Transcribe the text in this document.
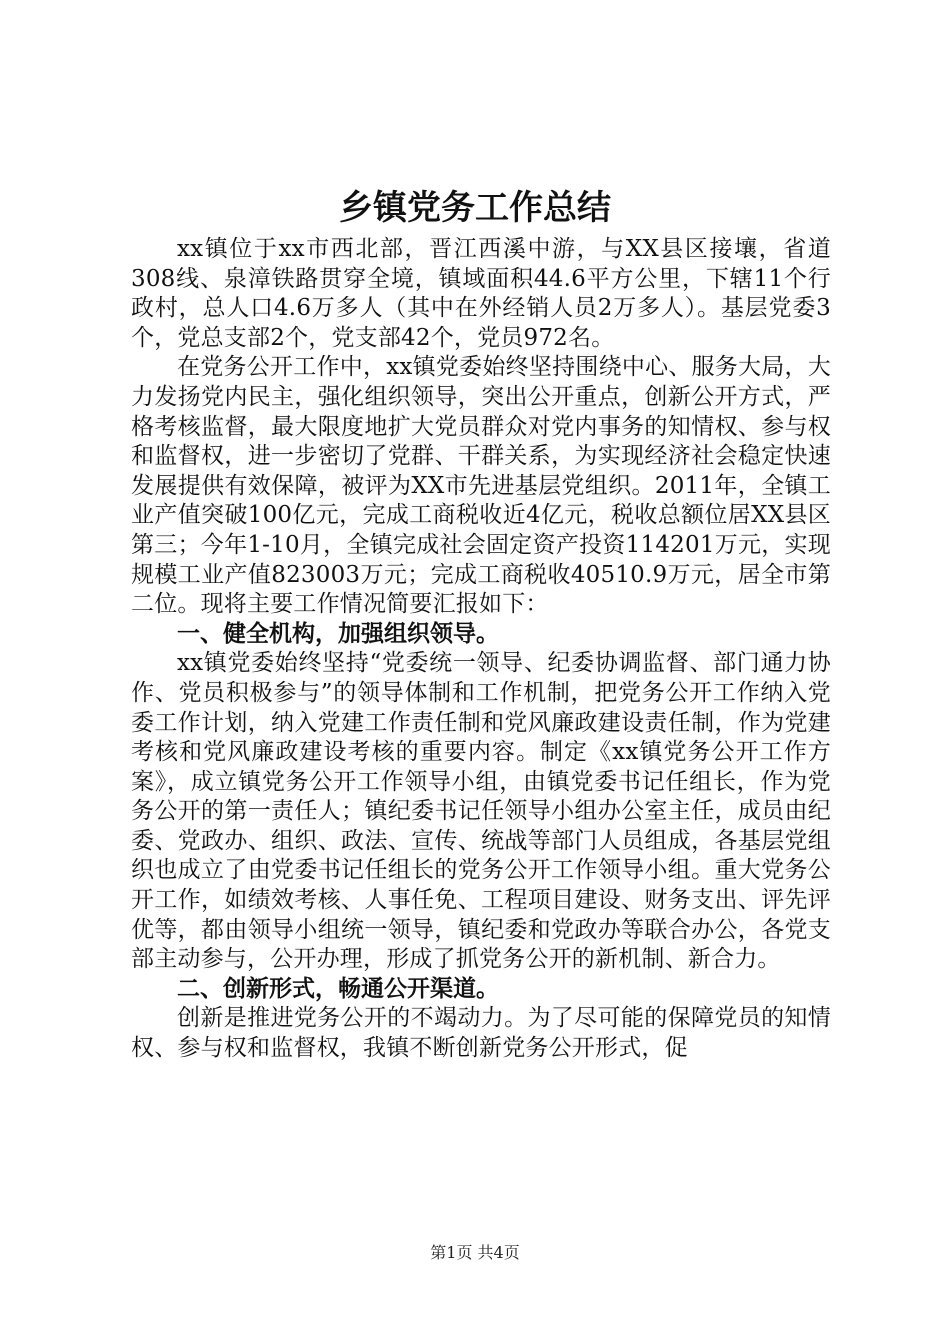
乡镇党务工作总结

xx镇位于xx市西北部，晋江西溪中游，与XX县区接壤，省道308线、泉漳铁路贯穿全境，镇域面积44.6平方公里，下辖11个行政村，总人口4.6万多人（其中在外经销人员2万多人）。基层党委3个，党总支部2个，党支部42个，党员972名。

在党务公开工作中，xx镇党委始终坚持围绕中心、服务大局，大力发扬党内民主，强化组织领导，突出公开重点，创新公开方式，严格考核监督，最大限度地扩大党员群众对党内事务的知情权、参与权和监督权，进一步密切了党群、干群关系，为实现经济社会稳定快速发展提供有效保障，被评为XX市先进基层党组织。2011年，全镇工业产值突破100亿元，完成工商税收近4亿元，税收总额位居XX县区第三；今年1-10月，全镇完成社会固定资产投资114201万元，实现规模工业产值823003万元；完成工商税收40510.9万元，居全市第二位。现将主要工作情况简要汇报如下：

一、健全机构，加强组织领导。

xx镇党委始终坚持“党委统一领导、纪委协调监督、部门通力协作、党员积极参与”的领导体制和工作机制，把党务公开工作纳入党委工作计划，纳入党建工作责任制和党风廉政建设责任制，作为党建考核和党风廉政建设考核的重要内容。制定《xx镇党务公开工作方案》，成立镇党务公开工作领导小组，由镇党委书记任组长，作为党务公开的第一责任人；镇纪委书记任领导小组办公室主任，成员由纪委、党政办、组织、政法、宣传、统战等部门人员组成，各基层党组织也成立了由党委书记任组长的党务公开工作领导小组。重大党务公开工作，如绩效考核、人事任免、工程项目建设、财务支出、评先评优等，都由领导小组统一领导，镇纪委和党政办等联合办公，各党支部主动参与，公开办理，形成了抓党务公开的新机制、新合力。

二、创新形式，畅通公开渠道。

创新是推进党务公开的不竭动力。为了尽可能的保障党员的知情权、参与权和监督权，我镇不断创新党务公开形式，促

第1页 共4页
